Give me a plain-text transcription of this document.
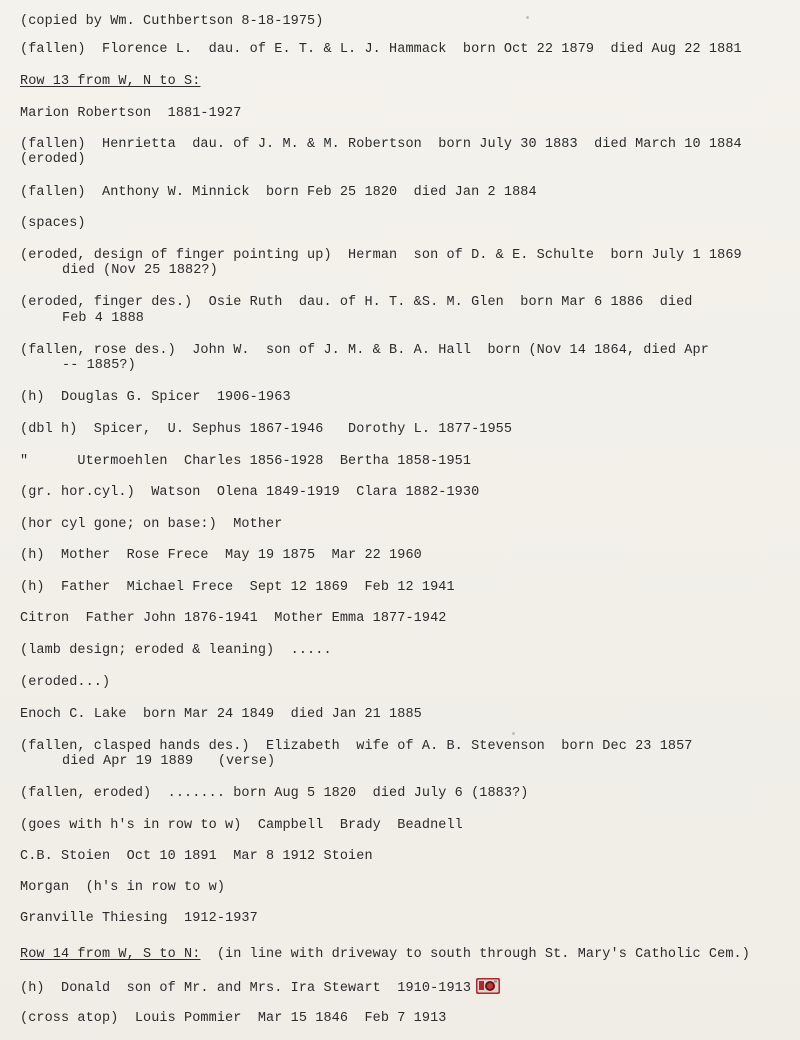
(copied by Wm. Cuthbertson 8-18-1975)
(fallen)  Florence L.  dau. of E. T. & L. J. Hammack  born Oct 22 1879  died Aug 22 1881
Row 13 from W, N to S:
Marion Robertson  1881-1927
(fallen)  Henrietta  dau. of J. M. & M. Robertson  born July 30 1883  died March 10 1884
(eroded)
(fallen)  Anthony W. Minnick  born Feb 25 1820  died Jan 2 1884
(spaces)
(eroded, design of finger pointing up)  Herman  son of D. & E. Schulte  born July 1 1869
died (Nov 25 1882?)
(eroded, finger des.)  Osie Ruth  dau. of H. T. &S. M. Glen  born Mar 6 1886  died
Feb 4 1888
(fallen, rose des.)  John W.  son of J. M. & B. A. Hall  born (Nov 14 1864, died Apr
-- 1885?)
(h)  Douglas G. Spicer  1906-1963
(dbl h)  Spicer,  U. Sephus 1867-1946   Dorothy L. 1877-1955
"      Utermoehlen  Charles 1856-1928  Bertha 1858-1951
(gr. hor.cyl.)  Watson  Olena 1849-1919  Clara 1882-1930
(hor cyl gone; on base:)  Mother
(h)  Mother  Rose Frece  May 19 1875  Mar 22 1960
(h)  Father  Michael Frece  Sept 12 1869  Feb 12 1941
Citron  Father John 1876-1941  Mother Emma 1877-1942
(lamb design; eroded & leaning)  .....
(eroded...)
Enoch C. Lake  born Mar 24 1849  died Jan 21 1885
(fallen, clasped hands des.)  Elizabeth  wife of A. B. Stevenson  born Dec 23 1857
died Apr 19 1889   (verse)
(fallen, eroded)  ....... born Aug 5 1820  died July 6 (1883?)
(goes with h's in row to w)  Campbell  Brady  Beadnell
C.B. Stoien  Oct 10 1891  Mar 8 1912 Stoien
Morgan  (h's in row to w)
Granville Thiesing  1912-1937
Row 14 from W, S to N:  (in line with driveway to south through St. Mary's Catholic Cem.)
(h)  Donald  son of Mr. and Mrs. Ira Stewart  1910-1913
(cross atop)  Louis Pommier  Mar 15 1846  Feb 7 1913
